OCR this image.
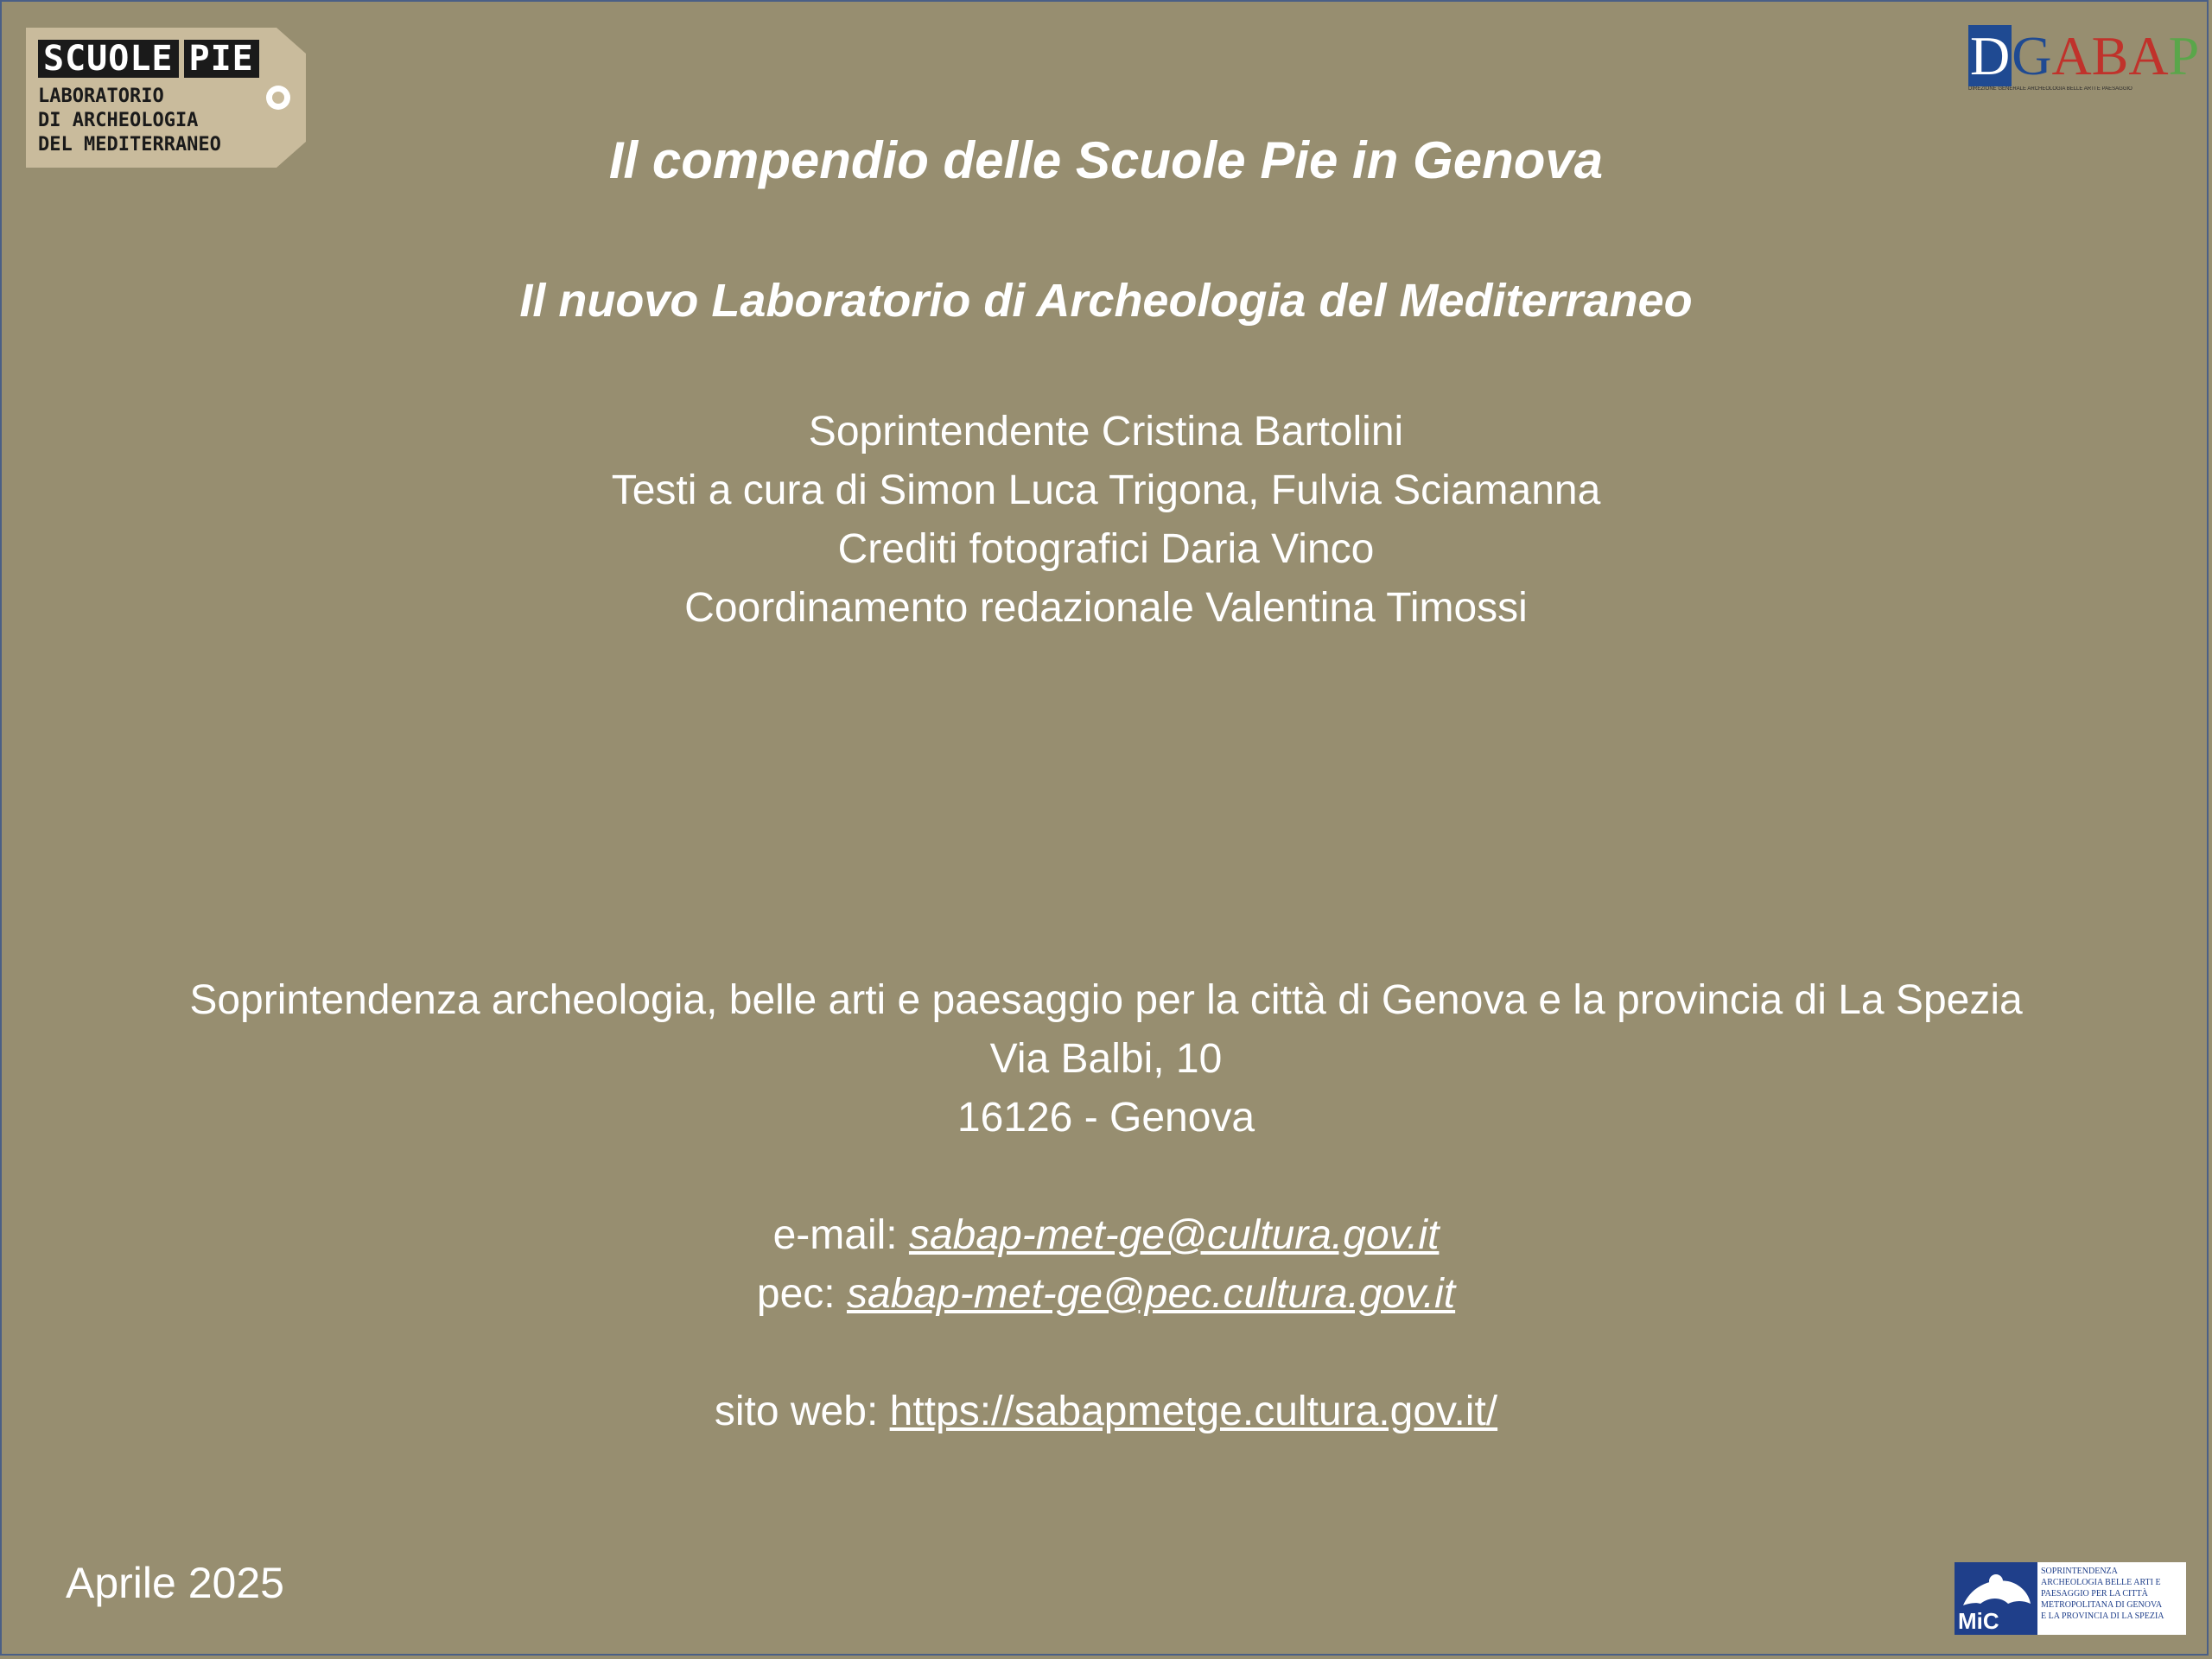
SCUOLE PIE
LABORATORIO
DI ARCHEOLOGIA
DEL MEDITERRANEO
DGABAP
DIREZIONE GENERALE ARCHEOLOGIA BELLE ARTI E PAESAGGIO
Il compendio delle Scuole Pie in Genova
Il nuovo Laboratorio di Archeologia del Mediterraneo
Soprintendente Cristina Bartolini
Testi a cura di Simon Luca Trigona, Fulvia Sciamanna
Crediti fotografici Daria Vinco
Coordinamento redazionale Valentina Timossi
Soprintendenza archeologia, belle arti e paesaggio per la città di Genova e la provincia di La Spezia
Via Balbi, 10
16126 - Genova
e-mail: sabap-met-ge@cultura.gov.it
pec: sabap-met-ge@pec.cultura.gov.it
sito web: https://sabapmetge.cultura.gov.it/
Aprile 2025
MiC
SOPRINTENDENZA
ARCHEOLOGIA BELLE ARTI E
PAESAGGIO PER LA CITTÀ
METROPOLITANA DI GENOVA
E LA PROVINCIA DI LA SPEZIA
